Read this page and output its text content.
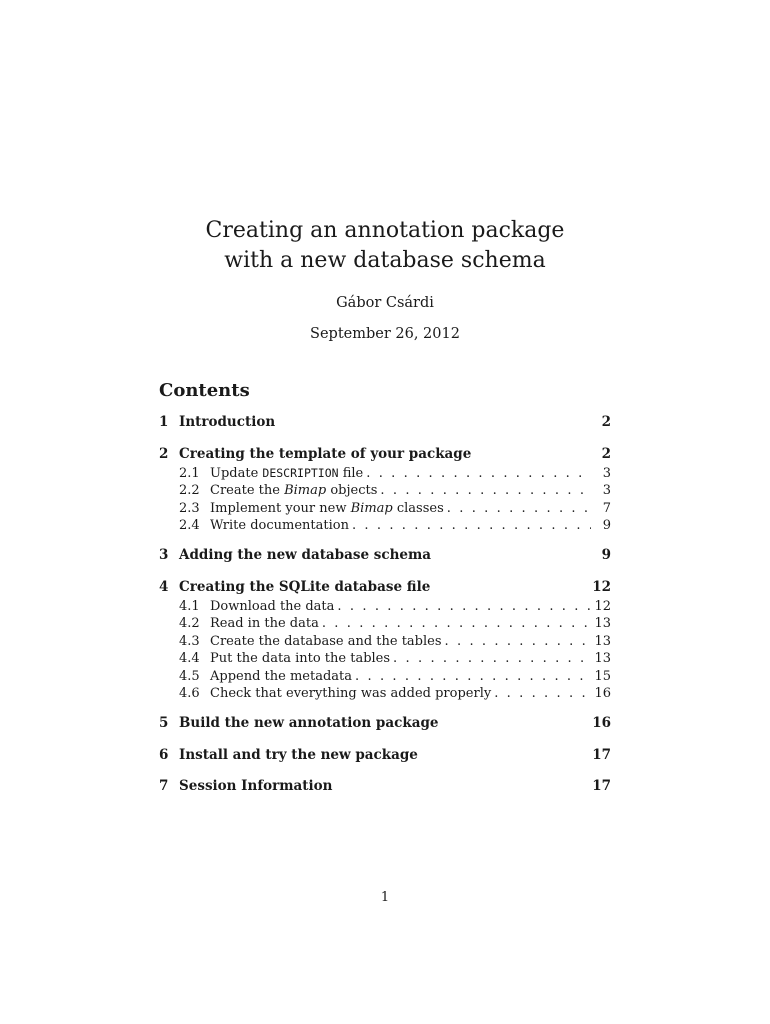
Creating an annotation package
with a new database schema
Gábor Csárdi
September 26, 2012
Contents
1 Introduction	2
2 Creating the template of your package	2
2.1 Update DESCRIPTION file . . .	3
2.2 Create the Bimap objects . . .	3
2.3 Implement your new Bimap classes . . .	7
2.4 Write documentation . . .	9
3 Adding the new database schema	9
4 Creating the SQLite database file	12
4.1 Download the data . . .	12
4.2 Read in the data . . .	13
4.3 Create the database and the tables . . .	13
4.4 Put the data into the tables . . .	13
4.5 Append the metadata . . .	15
4.6 Check that everything was added properly . . .	16
5 Build the new annotation package	16
6 Install and try the new package	17
7 Session Information	17
1
